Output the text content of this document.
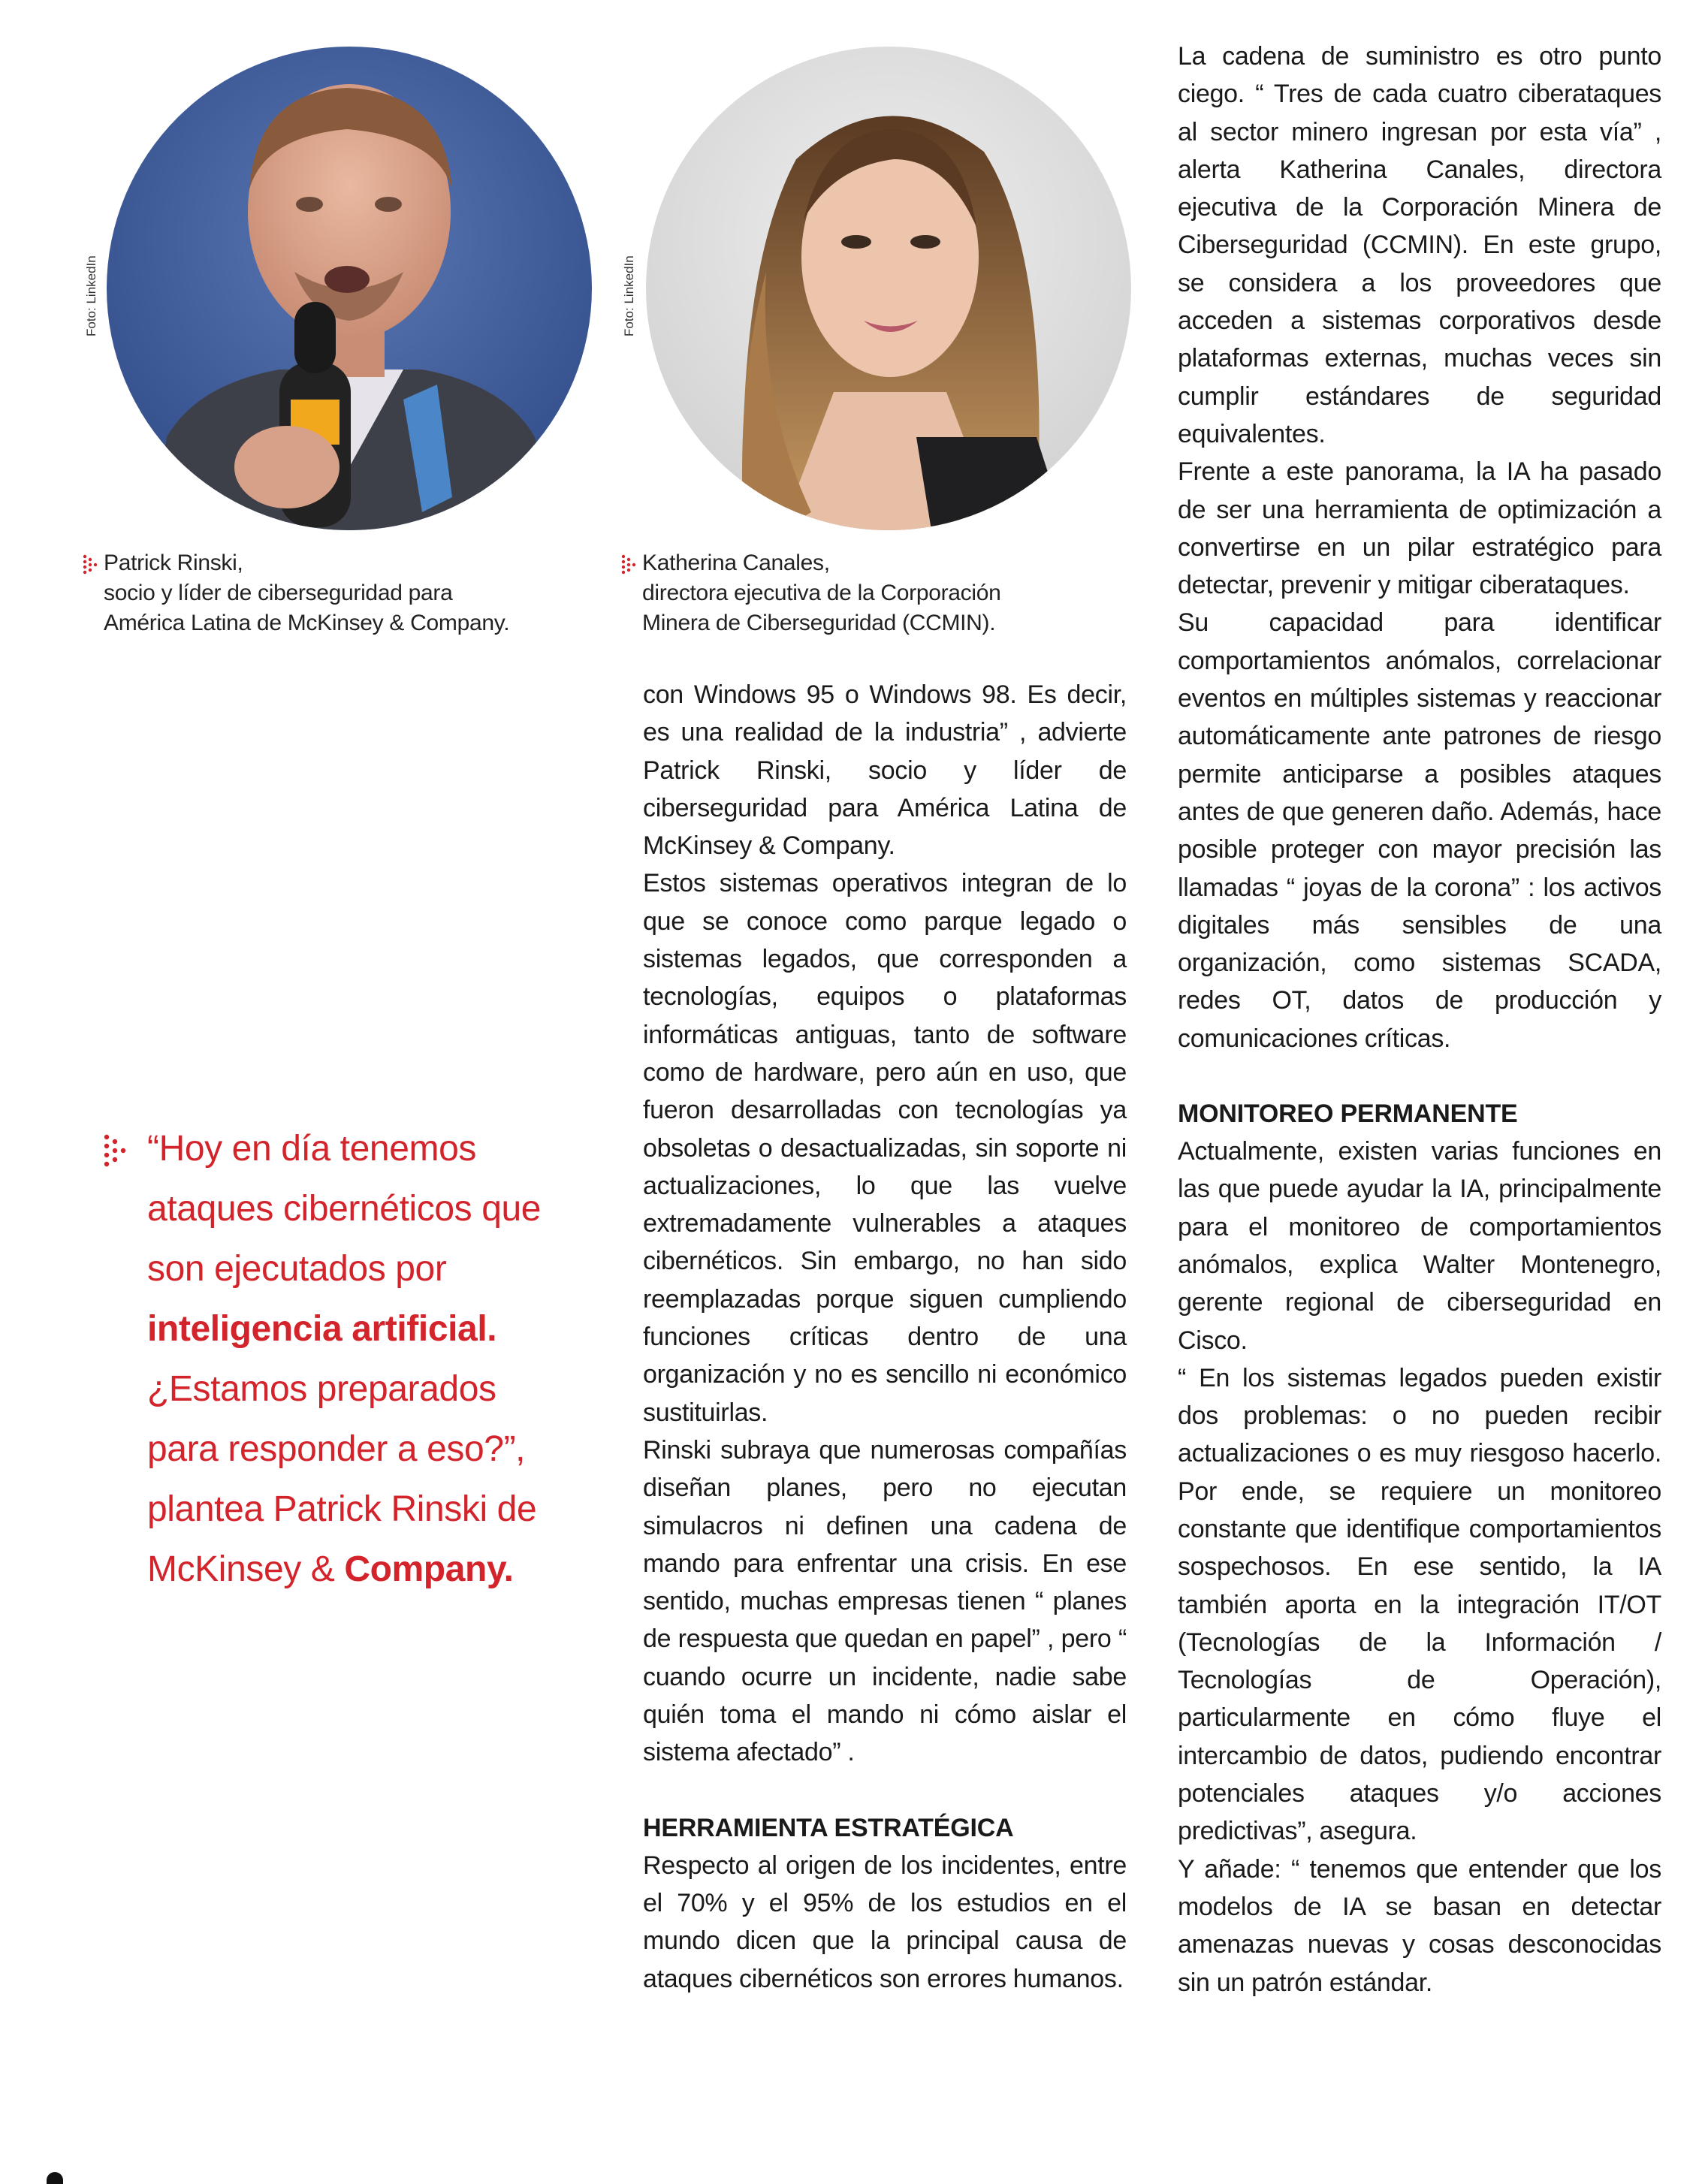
Foto: LinkedIn	Foto: LinkedIn
Patrick Rinski,
socio y líder de ciberseguridad para
América Latina de McKinsey & Company.
Katherina Canales,
directora ejecutiva de la Corporación
Minera de Ciberseguridad (CCMIN).
“Hoy en día tenemos ataques cibernéticos que son ejecutados por inteligencia artificial. ¿Estamos preparados para responder a eso?”, plantea Patrick Rinski de McKinsey & Company.

con Windows 95 o Windows 98. Es decir, es una realidad de la industria” , advierte Patrick Rinski, socio y líder de ciberseguridad para América Latina de McKinsey & Company.

Estos sistemas operativos integran de lo que se conoce como parque legado o sistemas legados, que corresponden a tecnologías, equipos o plataformas informáticas antiguas, tanto de software como de hardware, pero aún en uso, que fueron desarrolladas con tecnologías ya obsoletas o desactualizadas, sin soporte ni actualizaciones, lo que las vuelve extremadamente vulnerables a ataques cibernéticos. Sin embargo, no han sido reemplazadas porque siguen cumpliendo funciones críticas dentro de una organización y no es sencillo ni económico sustituirlas.

Rinski subraya que numerosas compañías diseñan planes, pero no ejecutan simulacros ni definen una cadena de mando para enfrentar una crisis. En ese sentido, muchas empresas tienen “ planes de respuesta que quedan en papel” , pero “ cuando ocurre un incidente, nadie sabe quién toma el mando ni cómo aislar el sistema afectado” .

HERRAMIENTA ESTRATÉGICA

Respecto al origen de los incidentes, entre el 70% y el 95% de los estudios en el mundo dicen que la principal causa de ataques cibernéticos son errores humanos.

La cadena de suministro es otro punto ciego. “ Tres de cada cuatro ciberataques al sector minero ingresan por esta vía” , alerta Katherina Canales, directora ejecutiva de la Corporación Minera de Ciberseguridad (CCMIN). En este grupo, se considera a los proveedores que acceden a sistemas corporativos desde plataformas externas, muchas veces sin cumplir estándares de seguridad equivalentes.

Frente a este panorama, la IA ha pasado de ser una herramienta de optimización a convertirse en un pilar estratégico para detectar, prevenir y mitigar ciberataques.

Su capacidad para identificar comportamientos anómalos, correlacionar eventos en múltiples sistemas y reaccionar automáticamente ante patrones de riesgo permite anticiparse a posibles ataques antes de que generen daño. Además, hace posible proteger con mayor precisión las llamadas “ joyas de la corona” : los activos digitales más sensibles de una organización, como sistemas SCADA, redes OT, datos de producción y comunicaciones críticas.

MONITOREO PERMANENTE

Actualmente, existen varias funciones en las que puede ayudar la IA, principalmente para el monitoreo de comportamientos anómalos, explica Walter Montenegro, gerente regional de ciberseguridad en Cisco.

“ En los sistemas legados pueden existir dos problemas: o no pueden recibir actualizaciones o es muy riesgoso hacerlo. Por ende, se requiere un monitoreo constante que identifique comportamientos sospechosos. En ese sentido, la IA también aporta en la integración IT/OT (Tecnologías de la Información / Tecnologías de Operación), particularmente en cómo fluye el intercambio de datos, pudiendo encontrar potenciales ataques y/o acciones predictivas”, asegura.

Y añade: “ tenemos que entender que los modelos de IA se basan en detectar amenazas nuevas y cosas desconocidas sin un patrón estándar.
